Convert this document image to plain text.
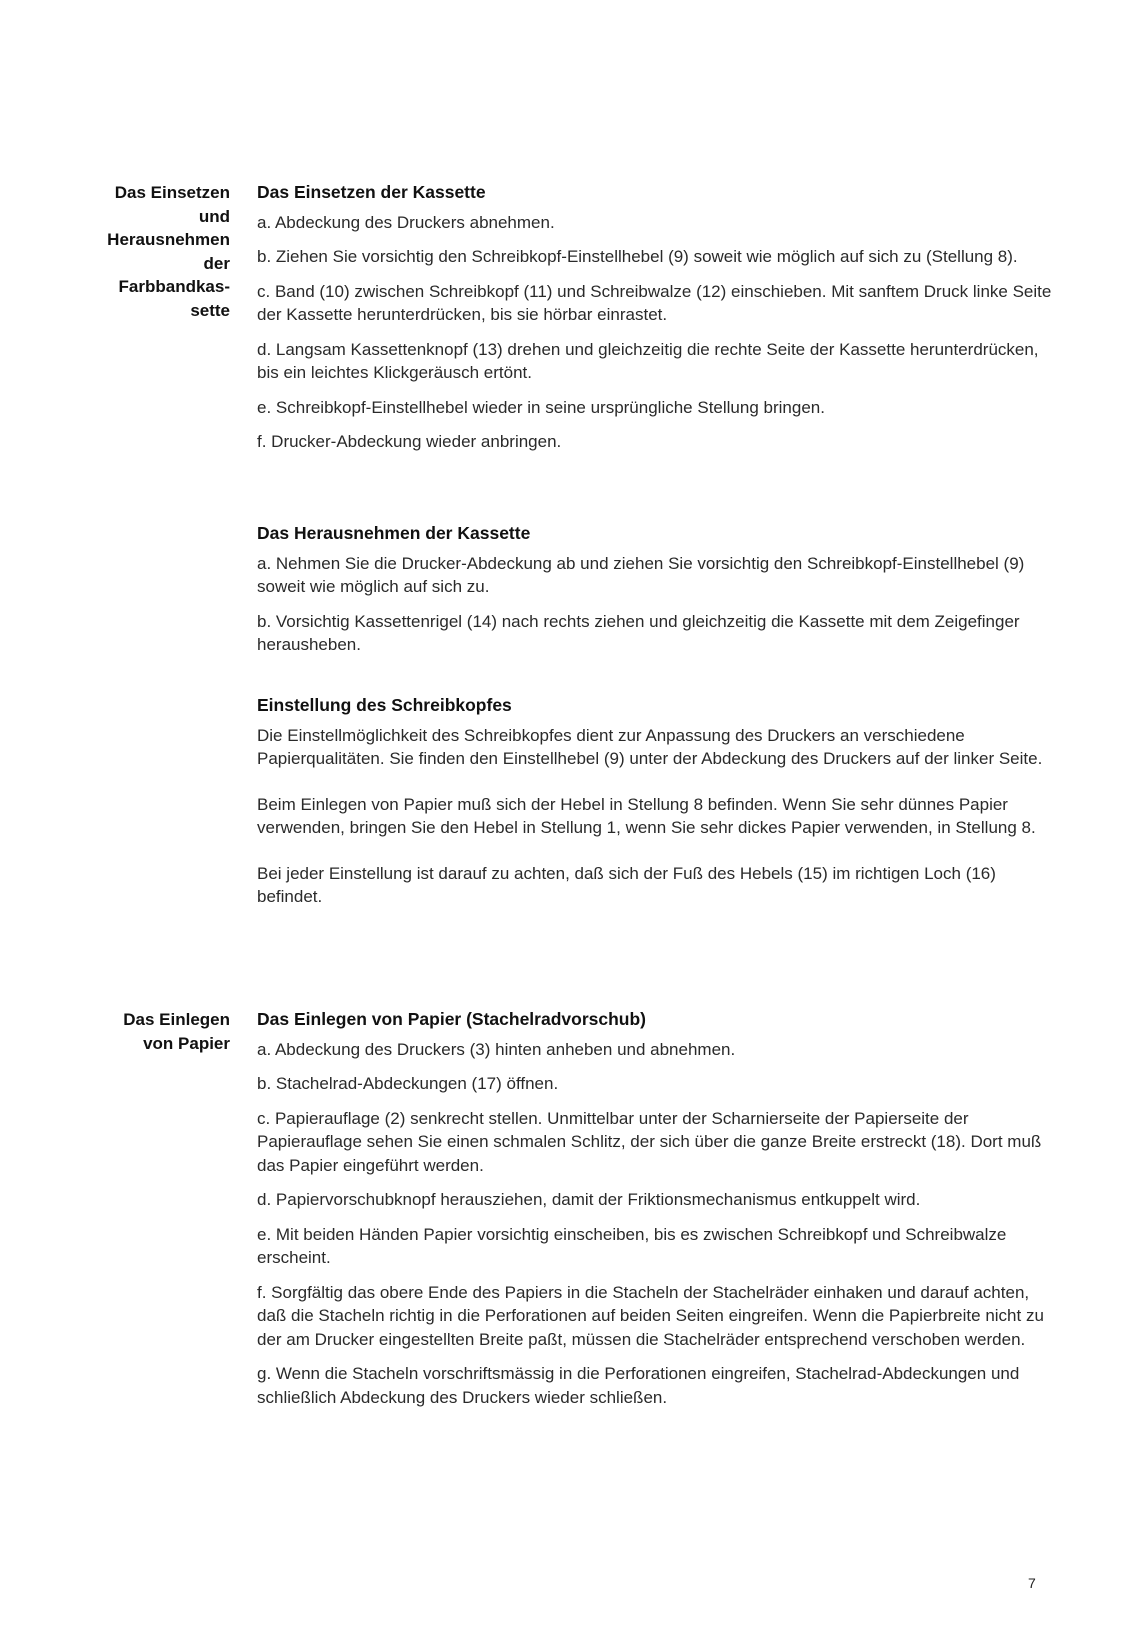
Das Einsetzen
und
Herausnehmen
der
Farbbandkas-
sette
Das Einlegen
von Papier
Das Einsetzen der Kassette

a. Abdeckung des Druckers abnehmen.

b. Ziehen Sie vorsichtig den Schreibkopf-Einstellhebel (9) soweit wie möglich auf sich zu (Stellung 8).

c. Band (10) zwischen Schreibkopf (11) und Schreibwalze (12) einschieben. Mit sanftem Druck linke Seite der Kassette herunterdrücken, bis sie hörbar einrastet.

d. Langsam Kassettenknopf (13) drehen und gleichzeitig die rechte Seite der Kassette herunterdrücken, bis ein leichtes Klickgeräusch ertönt.

e. Schreibkopf-Einstellhebel wieder in seine ursprüngliche Stellung bringen.

f. Drucker-Abdeckung wieder anbringen.

Das Herausnehmen der Kassette

a. Nehmen Sie die Drucker-Abdeckung ab und ziehen Sie vorsichtig den Schreibkopf-Einstellhebel (9) soweit wie möglich auf sich zu.

b. Vorsichtig Kassettenrigel (14) nach rechts ziehen und gleichzeitig die Kassette mit dem Zeigefinger herausheben.

Einstellung des Schreibkopfes

Die Einstellmöglichkeit des Schreibkopfes dient zur Anpassung des Druckers an verschiedene Papierqualitäten. Sie finden den Einstellhebel (9) unter der Abdeckung des Druckers auf der linker Seite.

Beim Einlegen von Papier muß sich der Hebel in Stellung 8 befinden. Wenn Sie sehr dünnes Papier verwenden, bringen Sie den Hebel in Stellung 1, wenn Sie sehr dickes Papier verwenden, in Stellung 8.

Bei jeder Einstellung ist darauf zu achten, daß sich der Fuß des Hebels (15) im richtigen Loch (16) befindet.

Das Einlegen von Papier (Stachelradvorschub)

a. Abdeckung des Druckers (3) hinten anheben und abnehmen.

b. Stachelrad-Abdeckungen (17) öffnen.

c. Papierauflage (2) senkrecht stellen. Unmittelbar unter der Scharnierseite der Papierseite der Papierauflage sehen Sie einen schmalen Schlitz, der sich über die ganze Breite erstreckt (18). Dort muß das Papier eingeführt werden.

d. Papiervorschubknopf herausziehen, damit der Friktionsmechanismus entkuppelt wird.

e. Mit beiden Händen Papier vorsichtig einscheiben, bis es zwischen Schreibkopf und Schreibwalze erscheint.

f. Sorgfältig das obere Ende des Papiers in die Stacheln der Stachelräder einhaken und darauf achten, daß die Stacheln richtig in die Perforationen auf beiden Seiten eingreifen. Wenn die Papierbreite nicht zu der am Drucker eingestellten Breite paßt, müssen die Stachelräder entsprechend verschoben werden.

g. Wenn die Stacheln vorschriftsmässig in die Perforationen eingreifen, Stachelrad-Abdeckungen und schließlich Abdeckung des Druckers wieder schließen.

7
